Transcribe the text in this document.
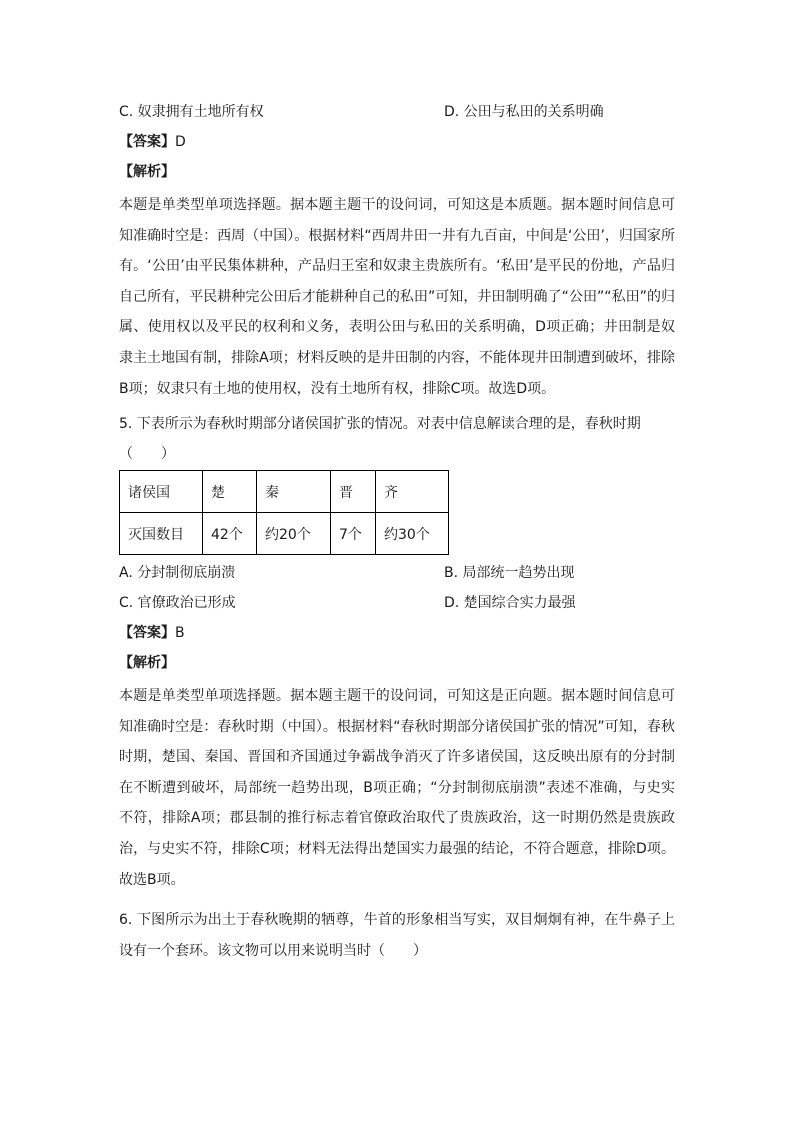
C. 奴隶拥有土地所有权	D. 公田与私田的关系明确
【答案】D
【解析】

本题是单类型单项选择题。据本题主题干的设问词，可知这是本质题。据本题时间信息可知准确时空是：西周（中国）。根据材料“西周井田一井有九百亩，中间是‘公田’，归国家所有。‘公田’由平民集体耕种，产品归王室和奴隶主贵族所有。‘私田’是平民的份地，产品归自己所有，平民耕种完公田后才能耕种自己的私田”可知，井田制明确了“公田”“私田”的归属、使用权以及平民的权利和义务，表明公田与私田的关系明确，D项正确；井田制是奴隶主土地国有制，排除A项；材料反映的是井田制的内容，不能体现井田制遭到破坏，排除B项；奴隶只有土地的使用权，没有土地所有权，排除C项。故选D项。

5. 下表所示为春秋时期部分诸侯国扩张的情况。对表中信息解读合理的是，春秋时期
（　　）
诸侯国	楚	秦	晋	齐
灭国数目	42个	约20个	7个	约30个
A. 分封制彻底崩溃	B. 局部统一趋势出现
C. 官僚政治已形成	D. 楚国综合实力最强
【答案】B
【解析】

本题是单类型单项选择题。据本题主题干的设问词，可知这是正向题。据本题时间信息可知准确时空是：春秋时期（中国）。根据材料“春秋时期部分诸侯国扩张的情况”可知，春秋时期，楚国、秦国、晋国和齐国通过争霸战争消灭了许多诸侯国，这反映出原有的分封制在不断遭到破坏，局部统一趋势出现，B项正确；“分封制彻底崩溃”表述不准确，与史实不符，排除A项；郡县制的推行标志着官僚政治取代了贵族政治，这一时期仍然是贵族政治，与史实不符，排除C项；材料无法得出楚国实力最强的结论，不符合题意，排除D项。故选B项。

6. 下图所示为出土于春秋晚期的牺尊，牛首的形象相当写实，双目炯炯有神，在牛鼻子上设有一个套环。该文物可以用来说明当时（　　）
